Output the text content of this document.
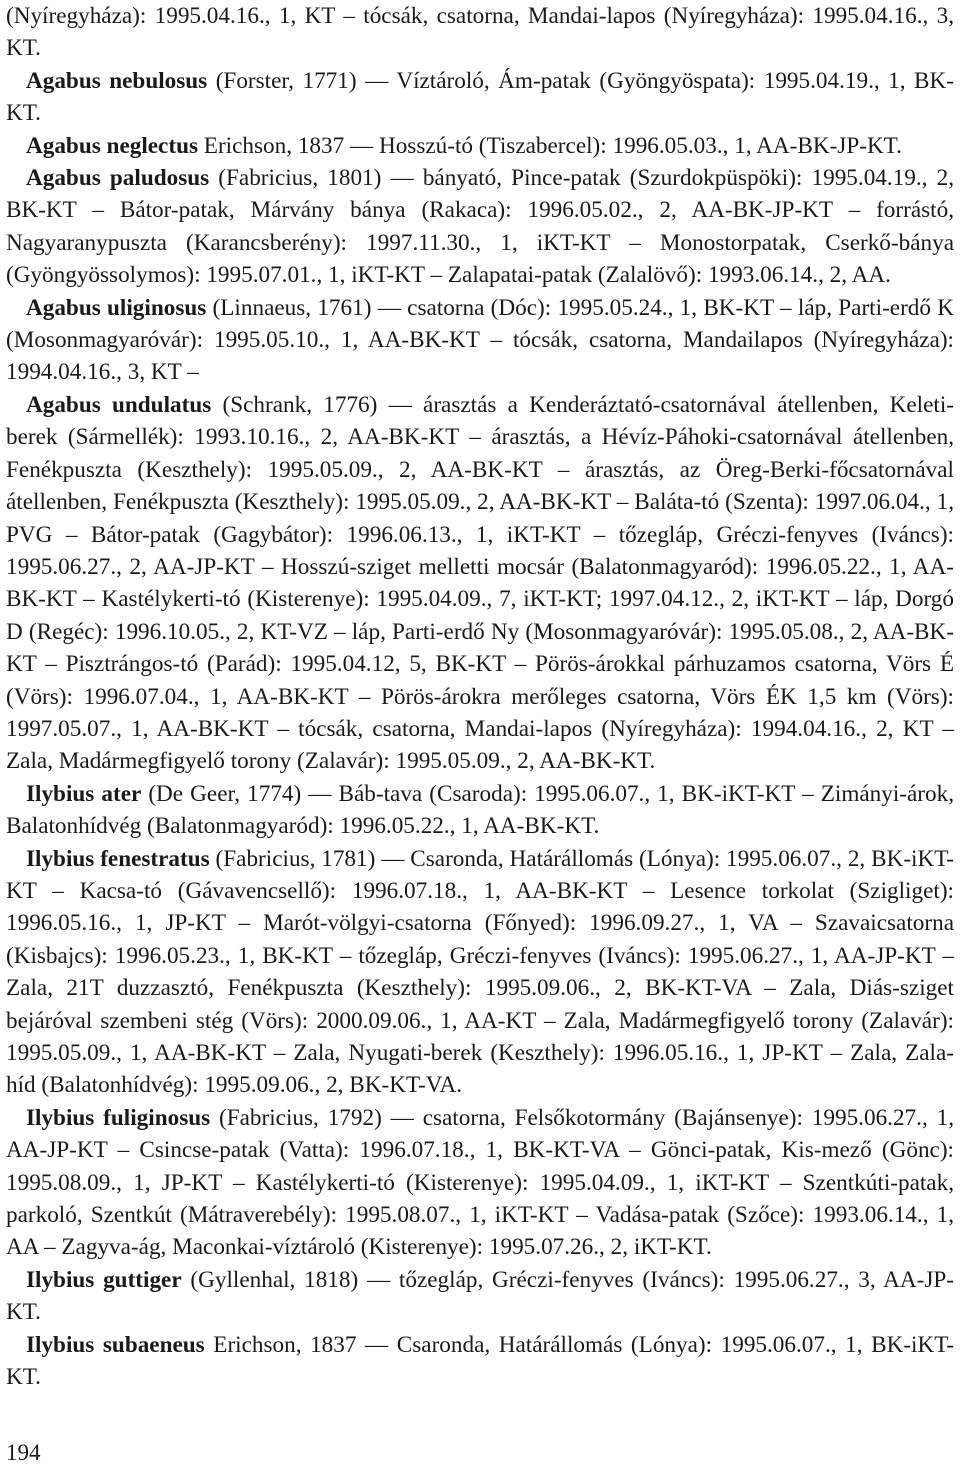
(Nyíregyháza): 1995.04.16., 1, KT – tócsák, csatorna, Mandai-lapos (Nyíregyháza): 1995.04.16., 3, KT.

Agabus nebulosus (Forster, 1771) — Víztároló, Ám-patak (Gyöngyöspata): 1995.04.19., 1, BK-KT.

Agabus neglectus Erichson, 1837 — Hosszú-tó (Tiszabercel): 1996.05.03., 1, AA-BK-JP-KT.

Agabus paludosus (Fabricius, 1801) — bányató, Pince-patak (Szurdokpüspöki): 1995.04.19., 2, BK-KT – Bátor-patak, Márvány bánya (Rakaca): 1996.05.02., 2, AA-BK-JP-KT – forrástó, Nagyaranypuszta (Karancsberény): 1997.11.30., 1, iKT-KT – Monostorpatak, Cserkő-bánya (Gyöngyössolymos): 1995.07.01., 1, iKT-KT – Zalapatai-patak (Zalalövő): 1993.06.14., 2, AA.

Agabus uliginosus (Linnaeus, 1761) — csatorna (Dóc): 1995.05.24., 1, BK-KT – láp, Parti-erdő K (Mosonmagyaróvár): 1995.05.10., 1, AA-BK-KT – tócsák, csatorna, Mandailapos (Nyíregyháza): 1994.04.16., 3, KT –

Agabus undulatus (Schrank, 1776) — árasztás a Kenderáztató-csatornával átellenben, Keleti-berek (Sármellék): 1993.10.16., 2, AA-BK-KT – árasztás, a Hévíz-Páhoki-csatornával átellenben, Fenékpuszta (Keszthely): 1995.05.09., 2, AA-BK-KT – árasztás, az Öreg-Berki-főcsatornával átellenben, Fenékpuszta (Keszthely): 1995.05.09., 2, AA-BK-KT – Baláta-tó (Szenta): 1997.06.04., 1, PVG – Bátor-patak (Gagybátor): 1996.06.13., 1, iKT-KT – tőzegláp, Gréczi-fenyves (Iváncs): 1995.06.27., 2, AA-JP-KT – Hosszú-sziget melletti mocsár (Balatonmagyaród): 1996.05.22., 1, AA-BK-KT – Kastélykerti-tó (Kisterenye): 1995.04.09., 7, iKT-KT; 1997.04.12., 2, iKT-KT – láp, Dorgó D (Regéc): 1996.10.05., 2, KT-VZ – láp, Parti-erdő Ny (Mosonmagyaróvár): 1995.05.08., 2, AA-BK-KT – Pisztrángos-tó (Parád): 1995.04.12, 5, BK-KT – Pörös-árokkal párhuzamos csatorna, Vörs É (Vörs): 1996.07.04., 1, AA-BK-KT – Pörös-árokra merőleges csatorna, Vörs ÉK 1,5 km (Vörs): 1997.05.07., 1, AA-BK-KT – tócsák, csatorna, Mandai-lapos (Nyíregyháza): 1994.04.16., 2, KT – Zala, Madármegfigyelő torony (Zalavár): 1995.05.09., 2, AA-BK-KT.

Ilybius ater (De Geer, 1774) — Báb-tava (Csaroda): 1995.06.07., 1, BK-iKT-KT – Zimányi-árok, Balatonhídvég (Balatonmagyaród): 1996.05.22., 1, AA-BK-KT.

Ilybius fenestratus (Fabricius, 1781) — Csaronda, Határállomás (Lónya): 1995.06.07., 2, BK-iKT-KT – Kacsa-tó (Gávavencsellő): 1996.07.18., 1, AA-BK-KT – Lesence torkolat (Szigliget): 1996.05.16., 1, JP-KT – Marót-völgyi-csatorna (Főnyed): 1996.09.27., 1, VA – Szavaicsatorna (Kisbajcs): 1996.05.23., 1, BK-KT – tőzegláp, Gréczi-fenyves (Iváncs): 1995.06.27., 1, AA-JP-KT – Zala, 21T duzzasztó, Fenékpuszta (Keszthely): 1995.09.06., 2, BK-KT-VA – Zala, Diás-sziget bejáróval szembeni stég (Vörs): 2000.09.06., 1, AA-KT – Zala, Madármegfigyelő torony (Zalavár): 1995.05.09., 1, AA-BK-KT – Zala, Nyugati-berek (Keszthely): 1996.05.16., 1, JP-KT – Zala, Zala-híd (Balatonhídvég): 1995.09.06., 2, BK-KT-VA.

Ilybius fuliginosus (Fabricius, 1792) — csatorna, Felsőkotormány (Bajánsenye): 1995.06.27., 1, AA-JP-KT – Csincse-patak (Vatta): 1996.07.18., 1, BK-KT-VA – Gönci-patak, Kis-mező (Gönc): 1995.08.09., 1, JP-KT – Kastélykerti-tó (Kisterenye): 1995.04.09., 1, iKT-KT – Szentkúti-patak, parkoló, Szentkút (Mátraverebély): 1995.08.07., 1, iKT-KT – Vadása-patak (Szőce): 1993.06.14., 1, AA – Zagyva-ág, Maconkai-víztároló (Kisterenye): 1995.07.26., 2, iKT-KT.

Ilybius guttiger (Gyllenhal, 1818) — tőzegláp, Gréczi-fenyves (Iváncs): 1995.06.27., 3, AA-JP-KT.

Ilybius subaeneus Erichson, 1837 — Csaronda, Határállomás (Lónya): 1995.06.07., 1, BK-iKT-KT.

194
